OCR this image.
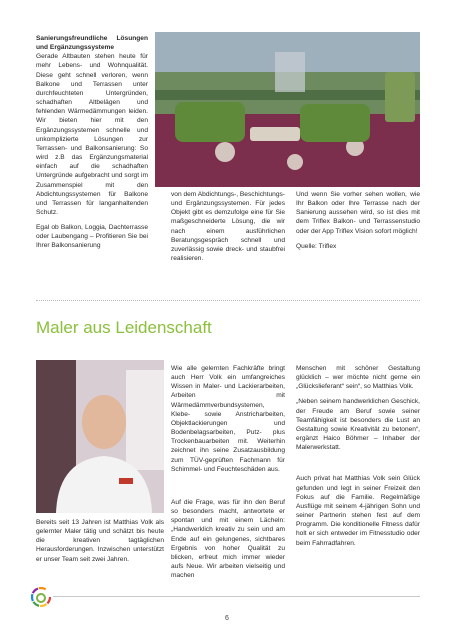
Sanierungsfreundliche Lösungen und Ergänzungssysteme
Gerade Altbauten stehen heute für mehr Lebens- und Wohnqualität. Diese geht schnell verloren, wenn Balkone und Terrassen unter durchfeuchteten Untergründen, schadhaften Altbelägen und fehlenden Wärmedämmungen leiden. Wir bieten hier mit den Ergänzungssystemen schnelle und unkomplizierte Lösungen zur Terrassen- und Balkonsanierung: So wird z.B das Ergänzungsmaterial einfach auf die schadhaften Untergründe aufgebracht und sorgt im Zusammenspiel mit den Abdichtungssystemen für Balkone und Terrassen für langanhaltenden Schutz.

Egal ob Balkon, Loggia, Dachterrasse oder Laubengang – Profitieren Sie bei Ihrer Balkonsanierung

von dem Abdichtungs-, Beschichtungs- und Ergänzungssystemen. Für jedes Objekt gibt es demzufolge eine für Sie maßgeschneiderte Lösung, die wir nach einem ausführlichen Beratungsgespräch schnell und zuverlässig sowie dreck- und staubfrei realisieren.

Und wenn Sie vorher sehen wollen, wie Ihr Balkon oder Ihre Terrasse nach der Sanierung aussehen wird, so ist dies mit dem Triflex Balkon- und Terrassenstudio oder der App Triflex Vision sofort möglich!

Quelle: Triflex

Maler aus Leidenschaft

Bereits seit 13 Jahren ist Matthias Volk als gelernter Maler tätig und schätzt bis heute die kreativen tagtäglichen Herausforderungen. Inzwischen unterstützt er unser Team seit zwei Jahren.

Wie alle gelernten Fachkräfte bringt auch Herr Volk ein umfangreiches Wissen in Maler- und Lackierarbeiten, Arbeiten mit Wärmedämmverbundsystemen, Klebe- sowie Anstricharbeiten, Objektlackierungen und Bodenbelagsarbeiten, Putz- plus Trockenbauarbeiten mit. Weiterhin zeichnet ihn seine Zusatzausbildung zum TÜV-geprüften Fachmann für Schimmel- und Feuchteschäden aus.

Auf die Frage, was für ihn den Beruf so besonders macht, antwortete er spontan und mit einem Lächeln: „Handwerklich kreativ zu sein und am Ende auf ein gelungenes, sichtbares Ergebnis von hoher Qualität zu blicken, erfreut mich immer wieder aufs Neue. Wir arbeiten vielseitig und machen

Menschen mit schöner Gestaltung glücklich – wer möchte nicht gerne ein „Glückslieferant“ sein“, so Matthias Volk.

„Neben seinem handwerklichen Geschick, der Freude am Beruf sowie seiner Teamfähigkeit ist besonders die Lust an Gestaltung sowie Kreativität zu betonen“, ergänzt Haico Böhmer – Inhaber der Malerwerkstatt.

Auch privat hat Matthias Volk sein Glück gefunden und legt in seiner Freizeit den Fokus auf die Familie. Regelmäßige Ausflüge mit seinem 4-jährigen Sohn und seiner Partnerin stehen fest auf dem Programm. Die konditionelle Fitness dafür holt er sich entweder im Fitnesstudio oder beim Fahrradfahren.

6
